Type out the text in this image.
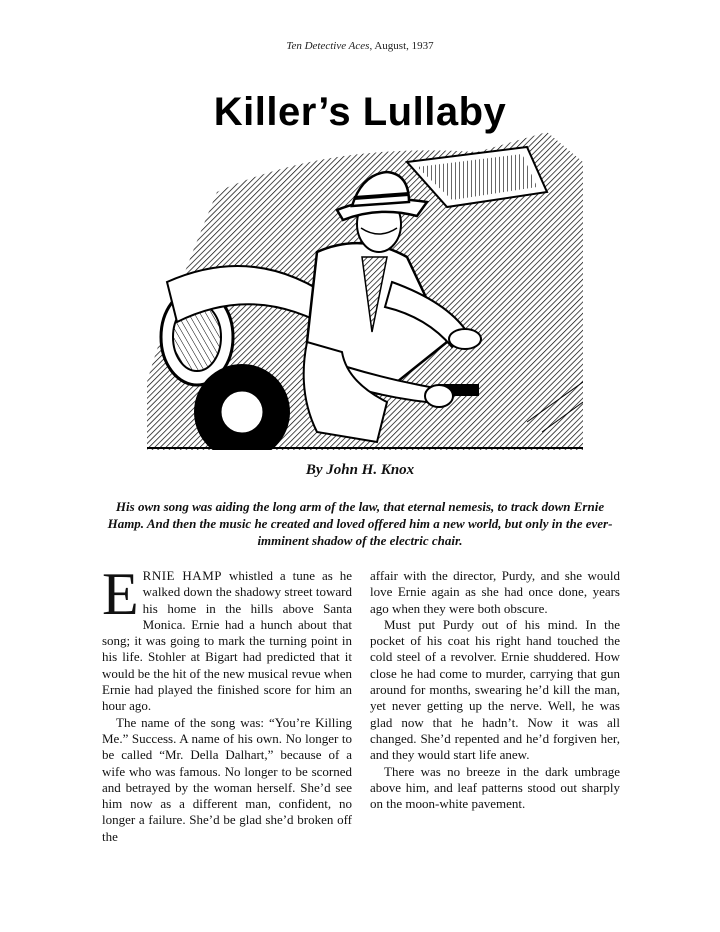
Ten Detective Aces, August, 1937
Killer’s Lullaby
By John H. Knox
His own song was aiding the long arm of the law, that eternal nemesis, to track down Ernie Hamp. And then the music he created and loved offered him a new world, but only in the ever-imminent shadow of the electric chair.

ERNIE HAMP whistled a tune as he walked down the shadowy street toward his home in the hills above Santa Monica. Ernie had a hunch about that song; it was going to mark the turning point in his life. Stohler at Bigart had predicted that it would be the hit of the new musical revue when Ernie had played the finished score for him an hour ago.

The name of the song was: “You’re Killing Me.” Success. A name of his own. No longer to be called “Mr. Della Dalhart,” because of a wife who was famous. No longer to be scorned and betrayed by the woman herself. She’d see him now as a different man, confident, no longer a failure. She’d be glad she’d broken off the

affair with the director, Purdy, and she would love Ernie again as she had once done, years ago when they were both obscure.

Must put Purdy out of his mind. In the pocket of his coat his right hand touched the cold steel of a revolver. Ernie shuddered. How close he had come to murder, carrying that gun around for months, swearing he’d kill the man, yet never getting up the nerve. Well, he was glad now that he hadn’t. Now it was all changed. She’d repented and he’d forgiven her, and they would start life anew.

There was no breeze in the dark umbrage above him, and leaf patterns stood out sharply on the moon-white pavement.
